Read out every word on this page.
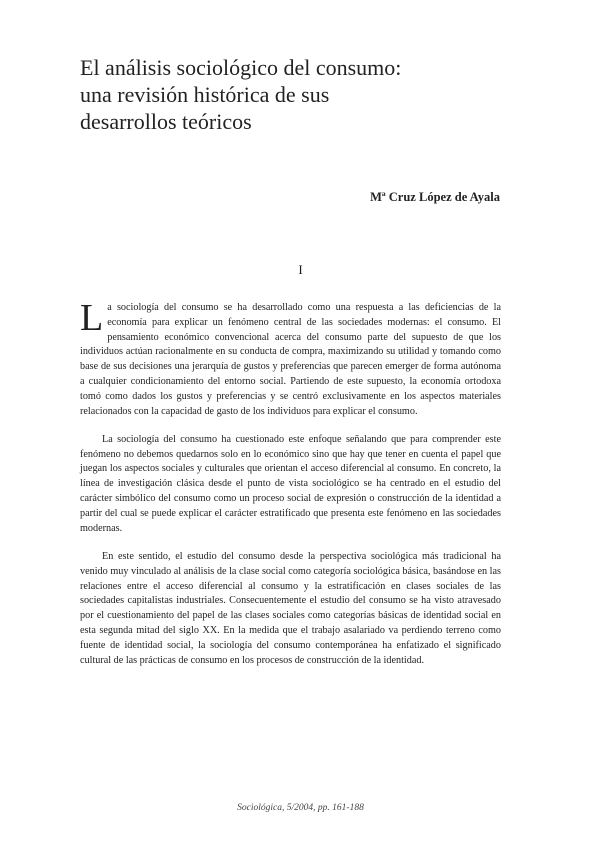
El análisis sociológico del consumo:
una revisión histórica de sus
desarrollos teóricos

Mª Cruz López de Ayala

I

La sociología del consumo se ha desarrollado como una respuesta a las deficiencias de la economía para explicar un fenómeno central de las sociedades modernas: el consumo. El pensamiento económico convencional acerca del consumo parte del supuesto de que los individuos actúan racionalmente en su conducta de compra, maximizando su utilidad y tomando como base de sus decisiones una jerarquía de gustos y preferencias que parecen emerger de forma autónoma a cualquier condicionamiento del entorno social. Partiendo de este supuesto, la economía ortodoxa tomó como dados los gustos y preferencias y se centró exclusivamente en los aspectos materiales relacionados con la capacidad de gasto de los individuos para explicar el consumo.

La sociología del consumo ha cuestionado este enfoque señalando que para comprender este fenómeno no debemos quedarnos solo en lo económico sino que hay que tener en cuenta el papel que juegan los aspectos sociales y culturales que orientan el acceso diferencial al consumo. En concreto, la línea de investigación clásica desde el punto de vista sociológico se ha centrado en el estudio del carácter simbólico del consumo como un proceso social de expresión o construcción de la identidad a partir del cual se puede explicar el carácter estratificado que presenta este fenómeno en las sociedades modernas.

En este sentido, el estudio del consumo desde la perspectiva sociológica más tradicional ha venido muy vinculado al análisis de la clase social como categoría sociológica básica, basándose en las relaciones entre el acceso diferencial al consumo y la estratificación en clases sociales de las sociedades capitalistas industriales. Consecuentemente el estudio del consumo se ha visto atravesado por el cuestionamiento del papel de las clases sociales como categorías básicas de identidad social en esta segunda mitad del siglo XX. En la medida que el trabajo asalariado va perdiendo terreno como fuente de identidad social, la sociología del consumo contemporánea ha enfatizado el significado cultural de las prácticas de consumo en los procesos de construcción de la identidad.

Sociológica, 5/2004, pp. 161-188
